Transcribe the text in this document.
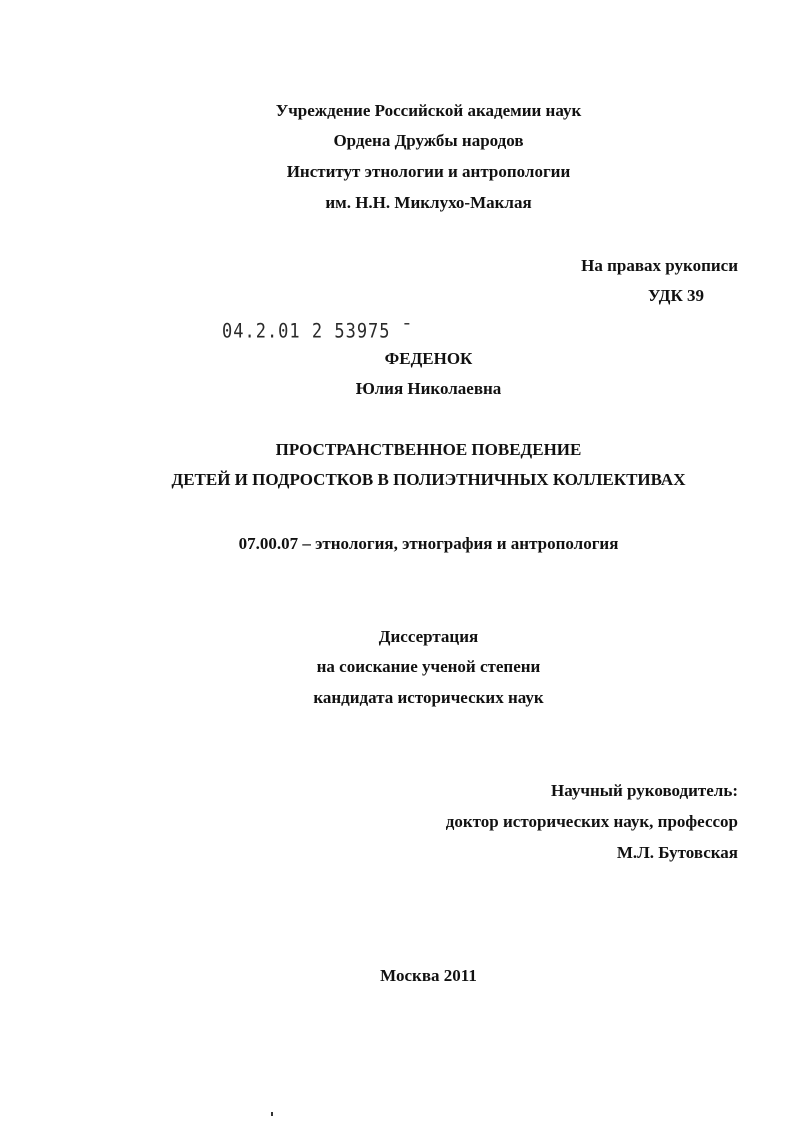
Учреждение Российской академии наук
Ордена Дружбы народов
Институт этнологии и антропологии
им. Н.Н. Миклухо-Маклая
На правах рукописи
УДК 39
04.2.01 2 53975 ˉ
ФЕДЕНОК
Юлия Николаевна
ПРОСТРАНСТВЕННОЕ ПОВЕДЕНИЕ
ДЕТЕЙ И ПОДРОСТКОВ В ПОЛИЭТНИЧНЫХ КОЛЛЕКТИВАХ
07.00.07 – этнология, этнография и антропология
Диссертация
на соискание ученой степени
кандидата исторических наук
Научный руководитель:
доктор исторических наук, профессор
М.Л. Бутовская
Москва 2011
